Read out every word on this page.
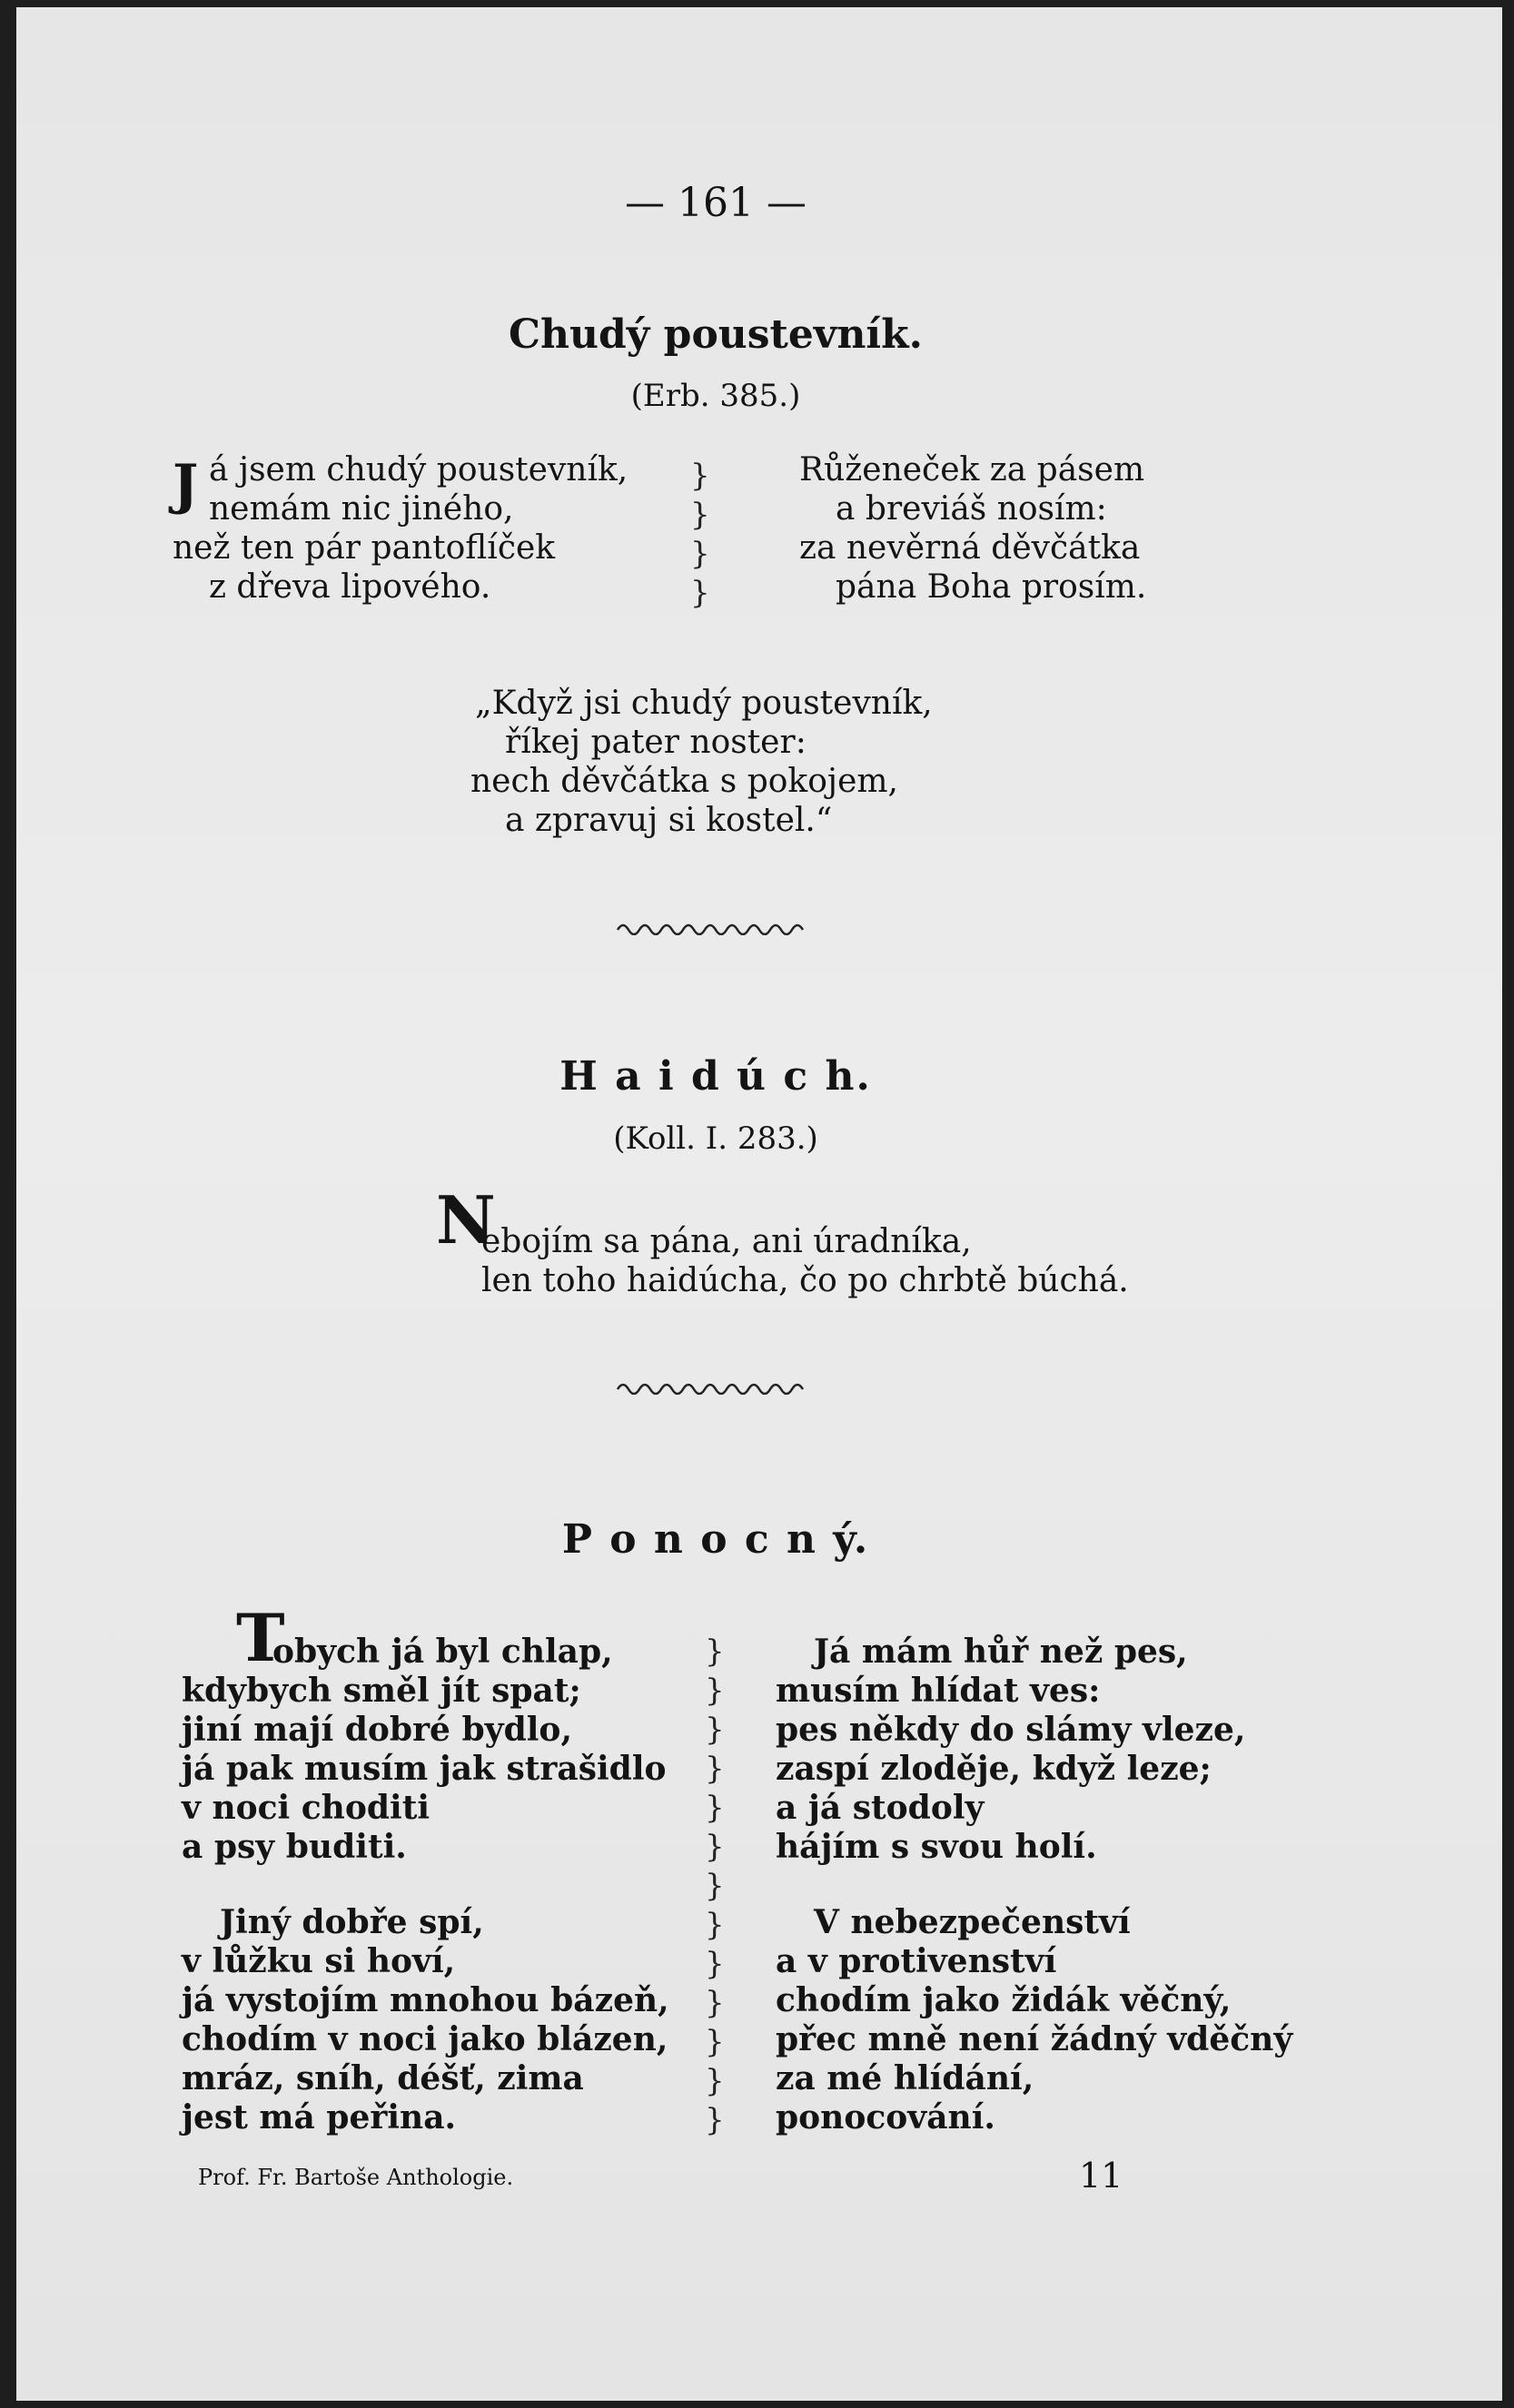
— 161 —
Chudý poustevník.
(Erb. 385.)
J á jsem chudý poustevník,
nemám nic jiného,
než ten pár pantoflíček
z dřeva lipového.
}
}
}
}
Růženeček za pásem
a breviáš nosím:
za nevěrná děvčátka
pána Boha prosím.
„Když jsi chudý poustevník,
říkej pater noster:
nech děvčátka s pokojem,
a zpravuj si kostel.“
H a i d ú c h.
(Koll. I. 283.)
N
ebojím sa pána, ani úradníka,
len toho haidúcha, čo po chrbtě búchá.
P o n o c n ý.
T
obych já byl chlap,
kdybych směl jít spat;
jiní mají dobré bydlo,
já pak musím jak strašidlo
v noci choditi
a psy buditi.
Jiný dobře spí,
v lůžku si hoví,
já vystojím mnohou bázeň,
chodím v noci jako blázen,
mráz, sníh, déšť, zima
jest má peřina.
}
}
}
}
}
}
}
}
}
}
}
}
}
Já mám hůř než pes,
musím hlídat ves:
pes někdy do slámy vleze,
zaspí zloděje, když leze;
a já stodoly
hájím s svou holí.
V nebezpečenství
a v protivenství
chodím jako židák věčný,
přec mně není žádný vděčný
za mé hlídání,
ponocování.
Prof. Fr. Bartoše Anthologie.	11
